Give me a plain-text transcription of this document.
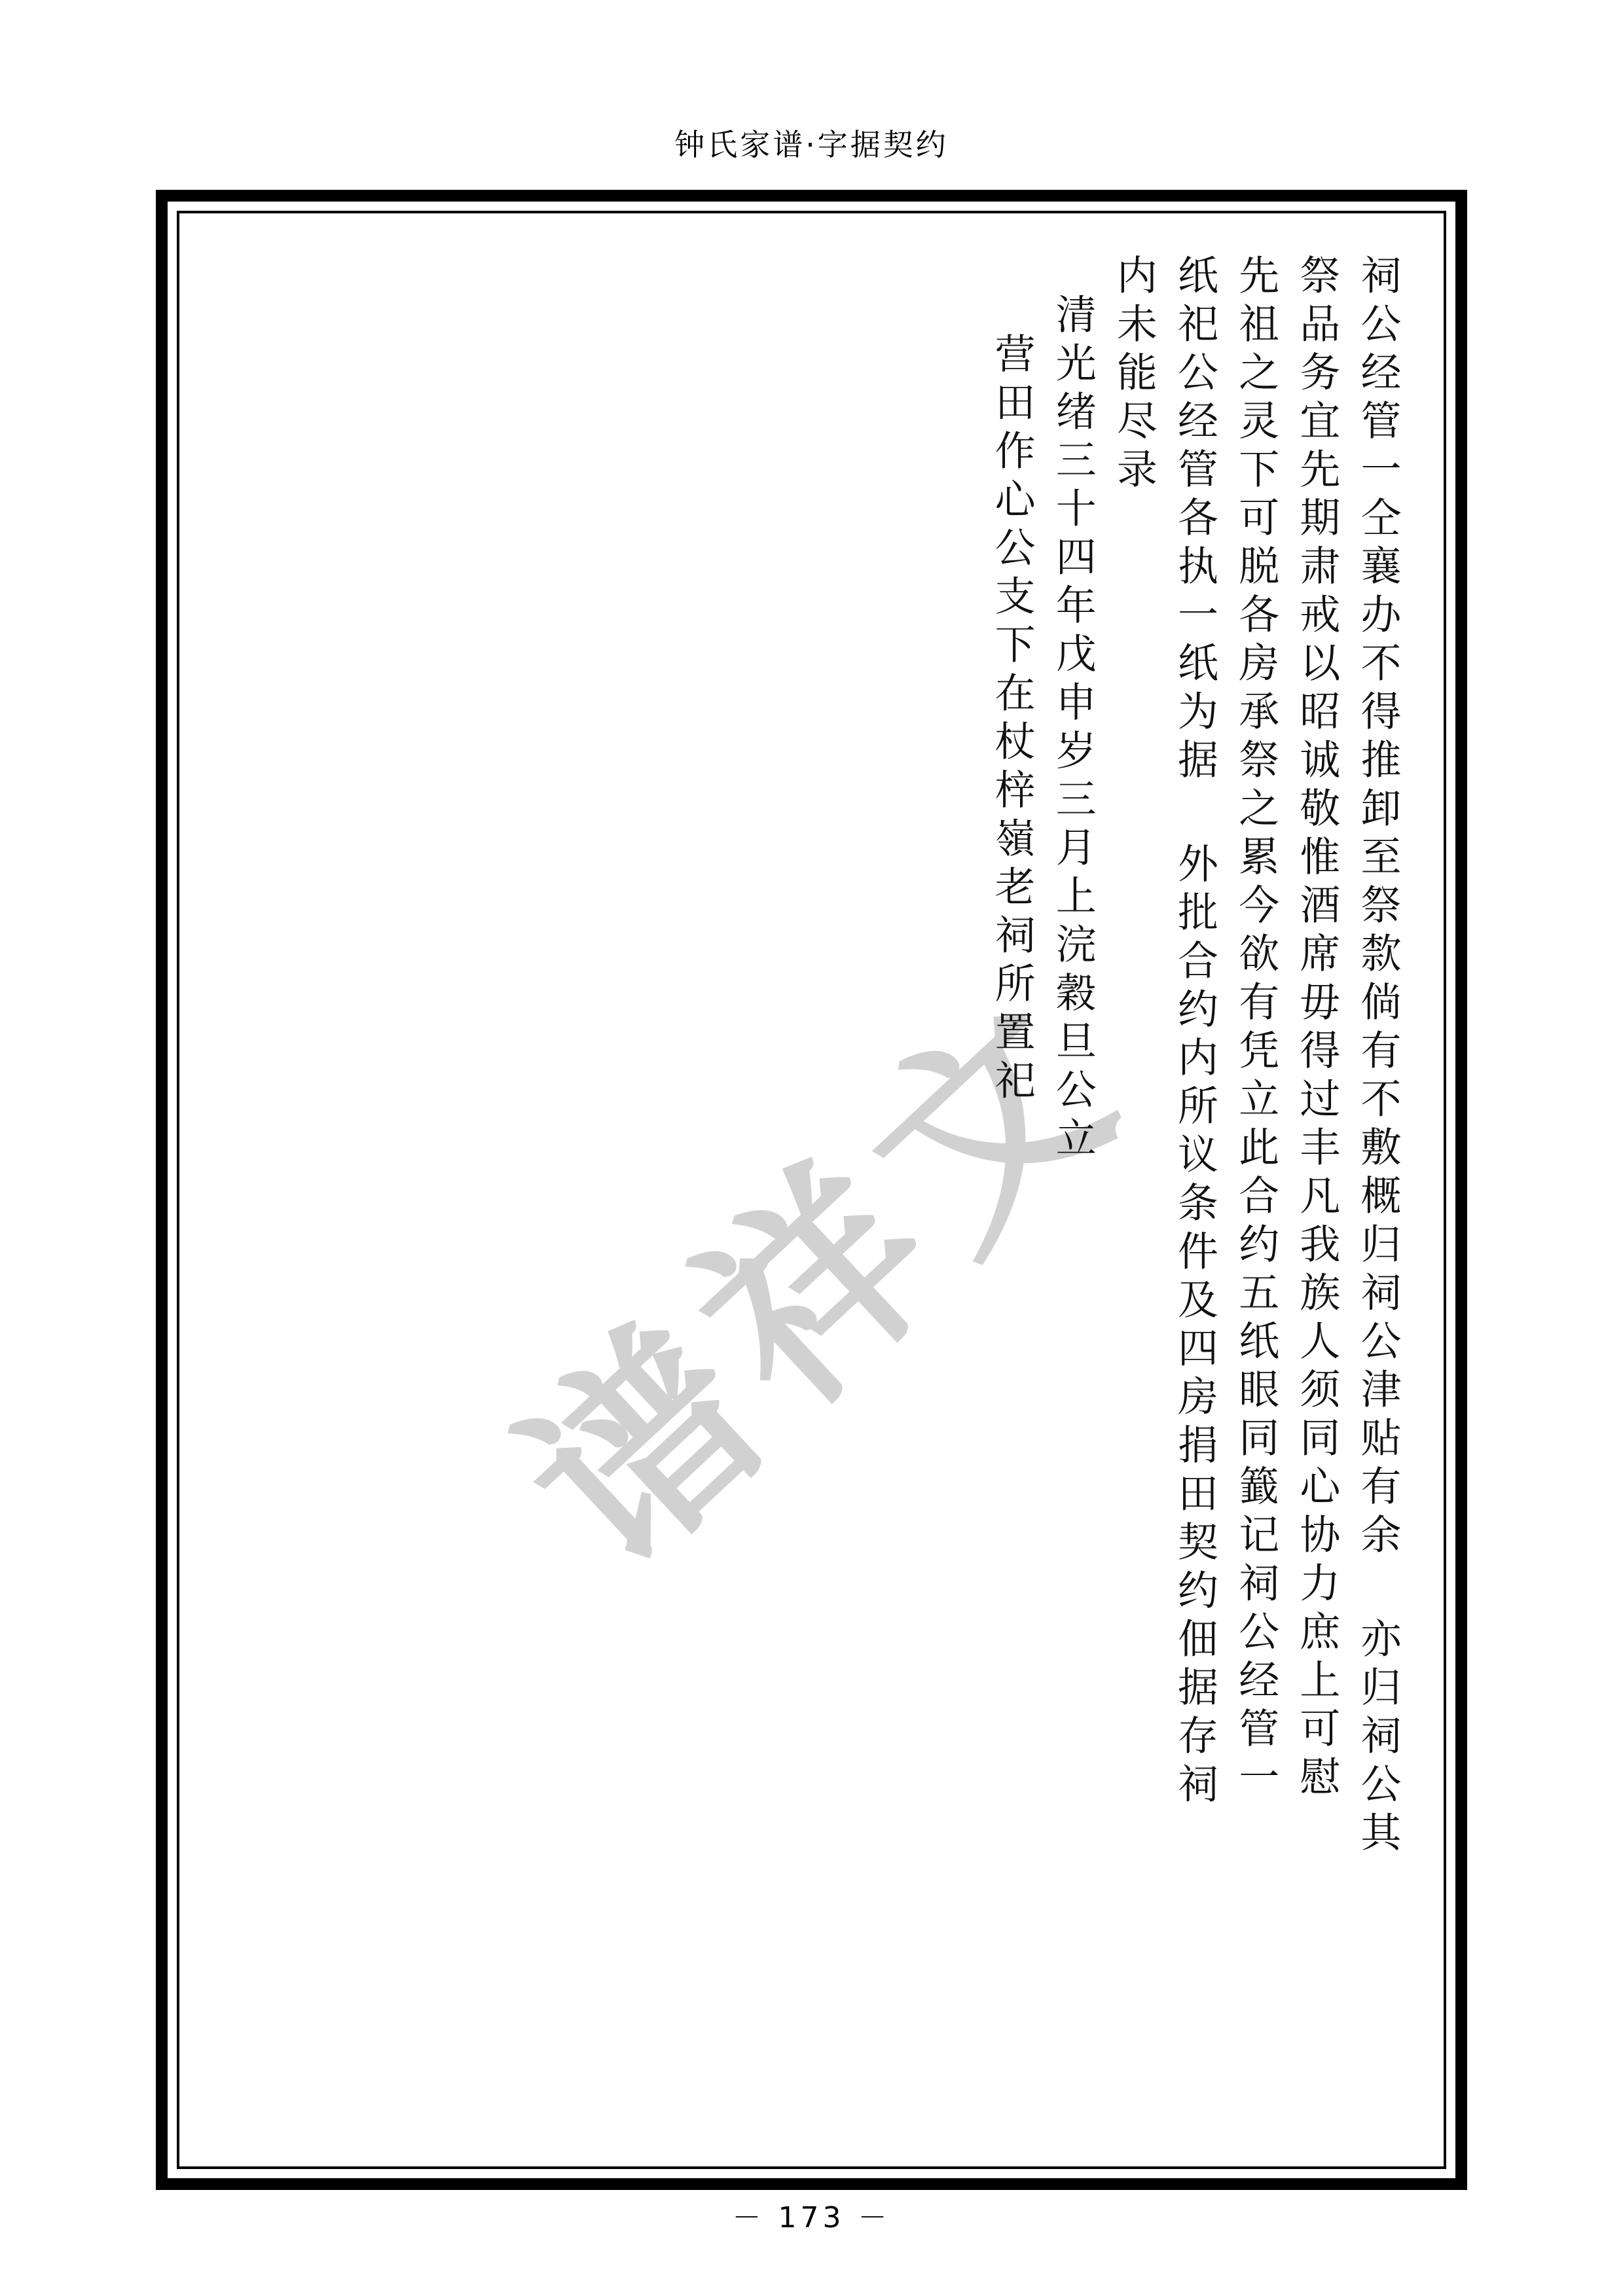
钟氏家谱·字据契约
谱祥文
营田作心公支下在杖梓嶺老祠所置祀 清光绪三十四年戊申岁三月上浣穀旦公立 内未能尽录 纸祀公经管各执一纸为据 外批合约内所议条件及四房捐田契约佃据存祠 先祖之灵下可脱各房承祭之累今欲有凭立此合约五纸眼同籖记祠公经管一 祭品务宜先期肃戒以昭诚敬惟酒席毋得过丰凡我族人须同心协力庶上可慰 祠公经管一仝襄办不得推卸至祭歀倘有不敷概归祠公津贴有余 亦归祠公其
－ 173 －
